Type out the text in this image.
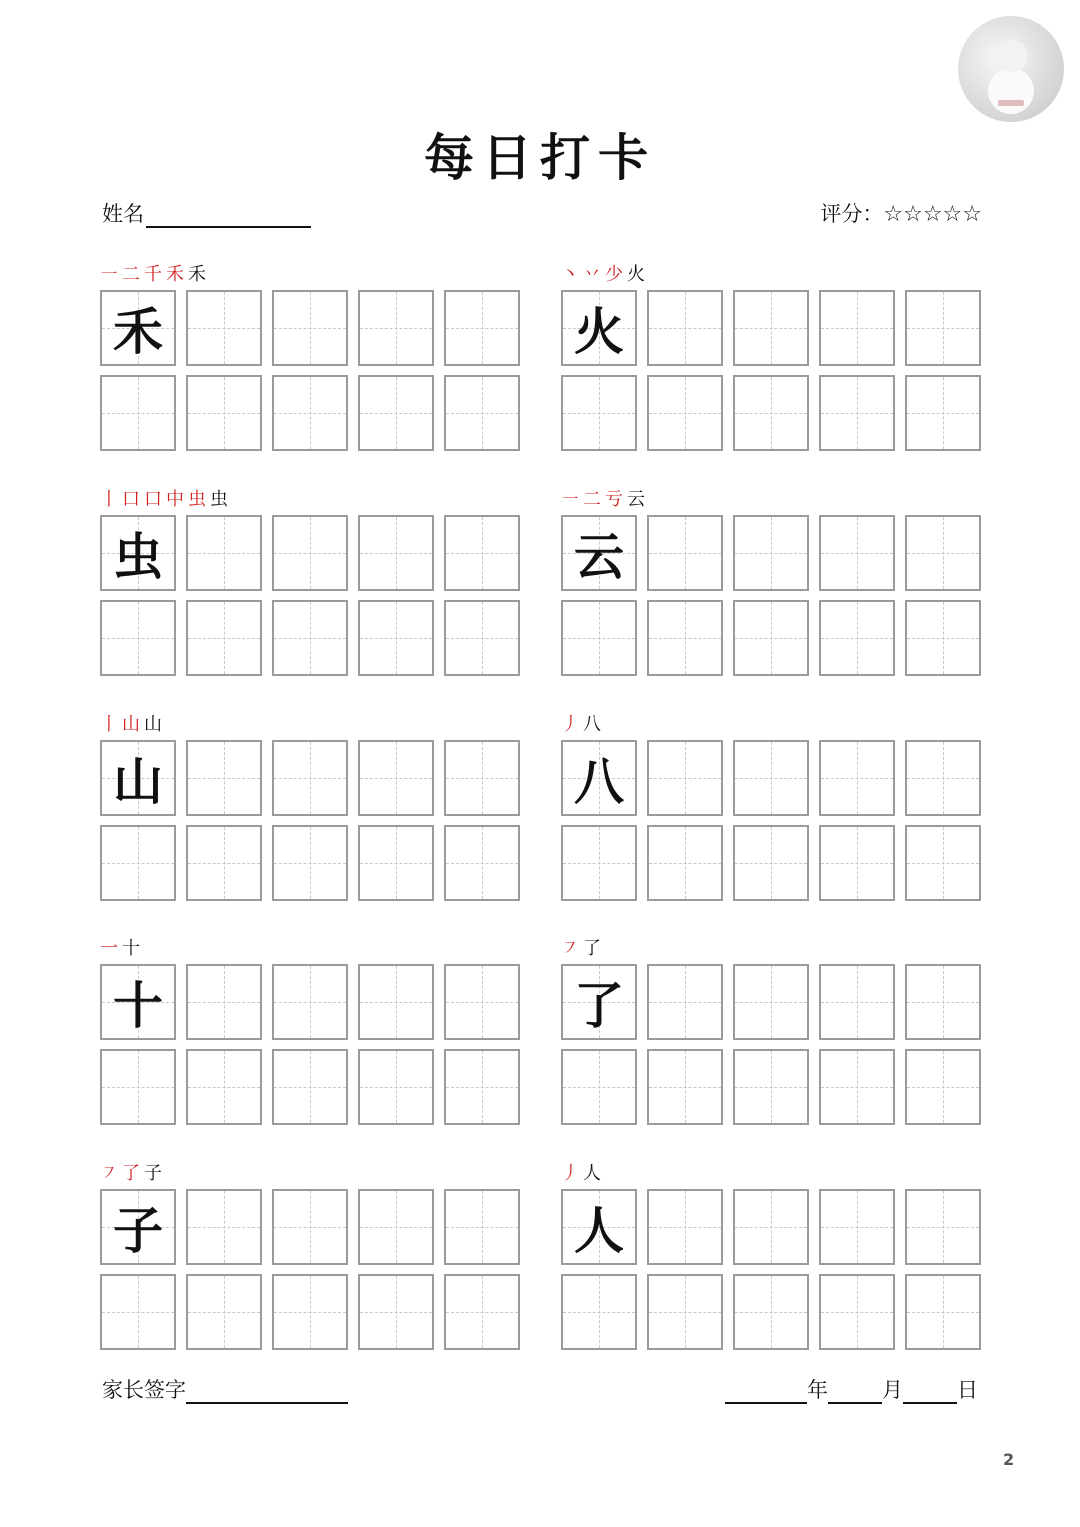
每日打卡
姓名	评分：☆☆☆☆☆
㇐ 二 千 禾 禾
禾
丶 丷 少 火
火
丨 口 口 中 虫 虫
虫
㇐ 二 亏 云
云
丨 山 山
山
丿 八
八
一 十
十
㇇ 了
了
㇇ 了 子
子
丿 人
人
家长签字	年	月	日
2
